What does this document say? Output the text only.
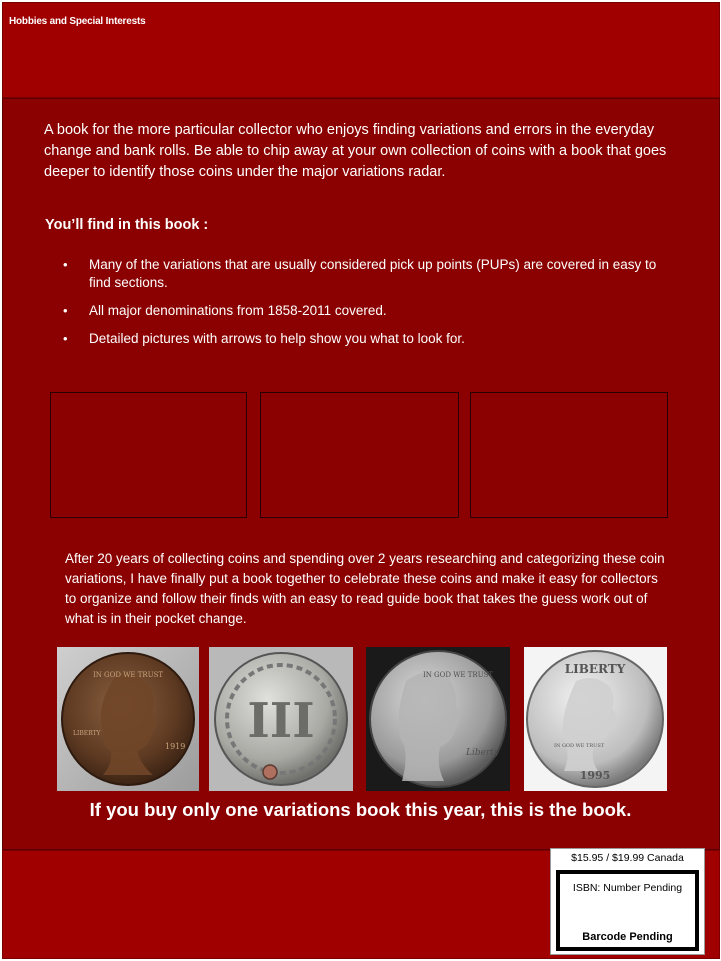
Hobbies and Special Interests
A book for the more particular collector who enjoys finding variations and errors in the everyday change and bank rolls. Be able to chip away at your own collection of coins with a book that goes deeper to identify those coins under the major variations radar.
You’ll find in this book :
• Many of the variations that are usually considered pick up points (PUPs) are covered in easy to find sections.
• All major denominations from 1858-2011 covered.
• Detailed pictures with arrows to help show you what to look for.
After 20 years of collecting coins and spending over 2 years researching and categorizing these coin variations, I have finally put a book together to celebrate these coins and make it easy for collectors to organize and follow their finds with an easy to read guide book that takes the guess work out of what is in their pocket change.
IN GOD WE TRUST
LIBERTY
1919 III
IN GOD WE TRUST
Liberty
LIBERTY
IN GOD WE TRUST
1995
If you buy only one variations book this year, this is the book.
$15.95 / $19.99 Canada
ISBN: Number Pending
Barcode Pending
